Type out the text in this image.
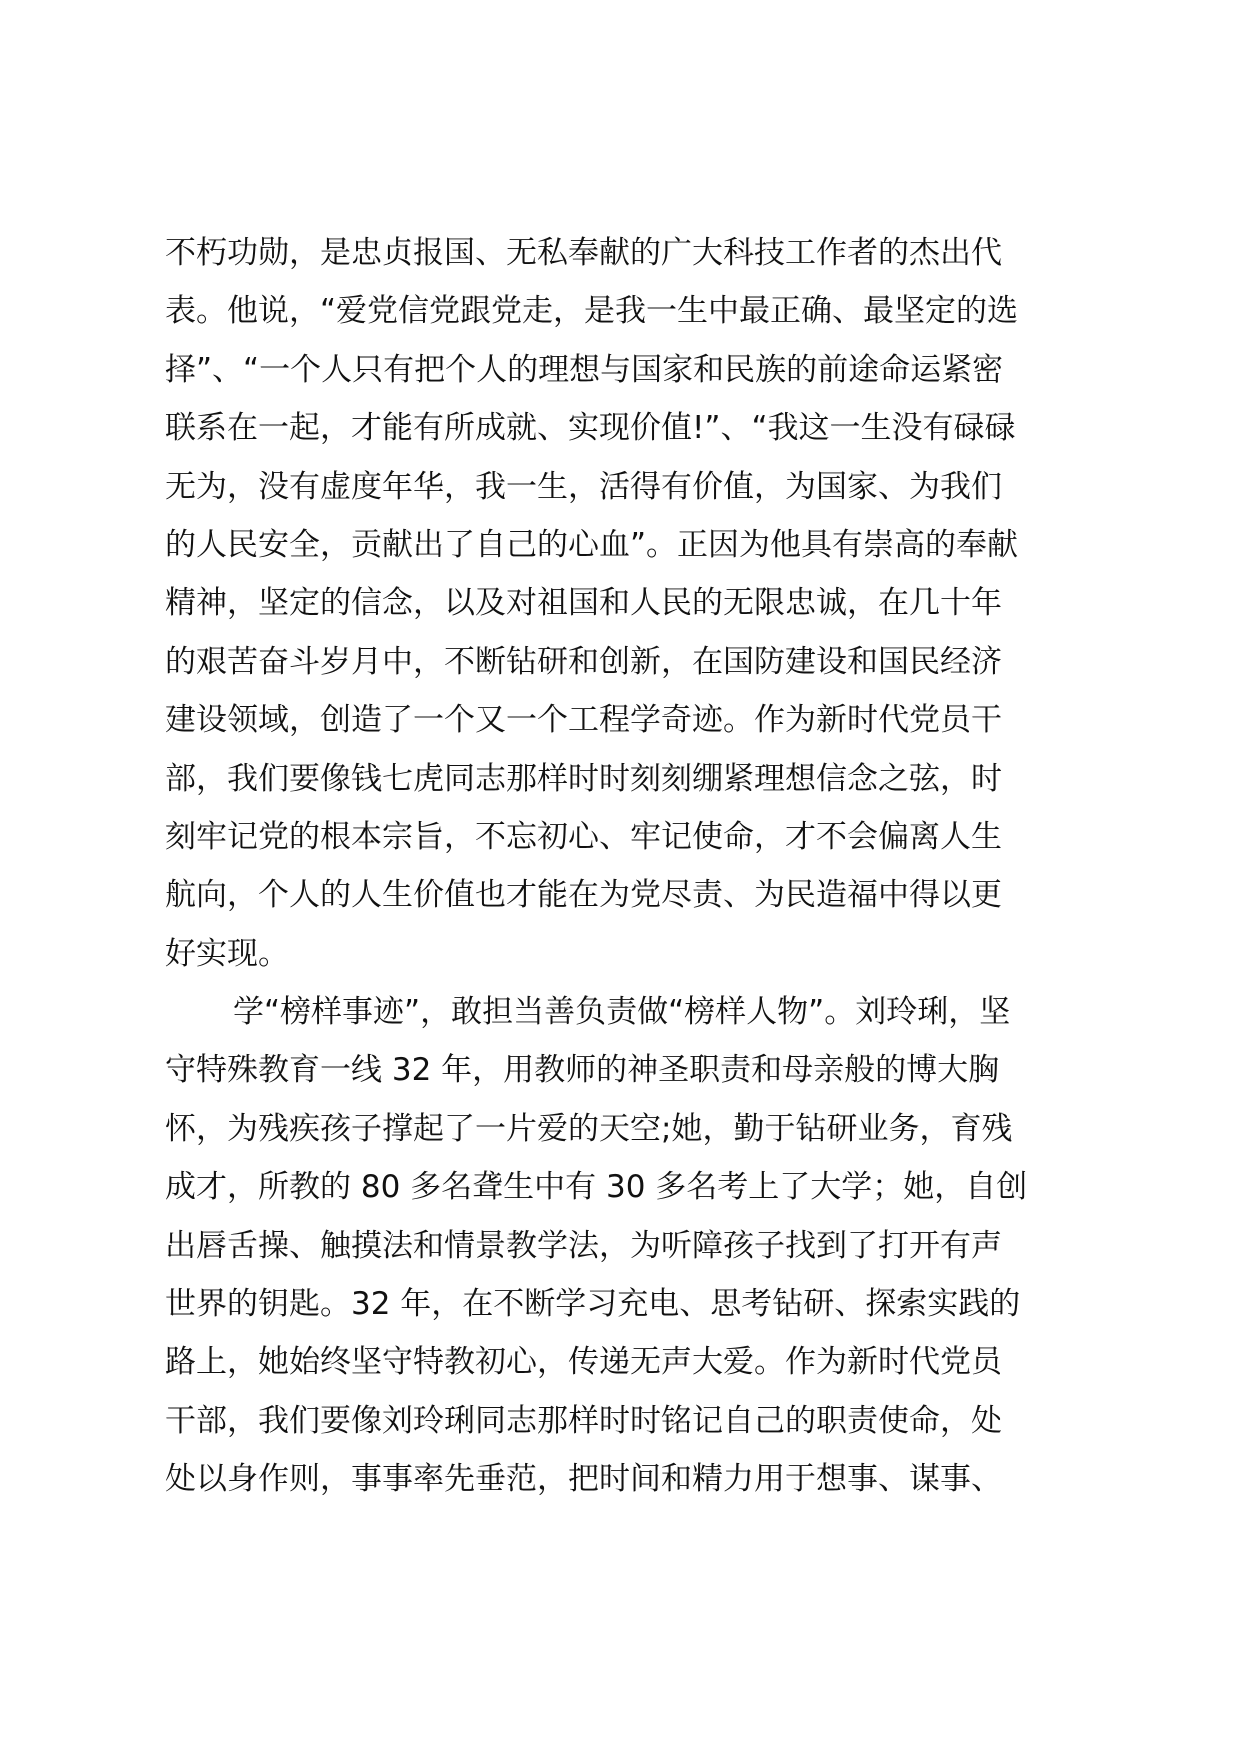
不朽功勋，是忠贞报国、无私奉献的广大科技工作者的杰出代
表。他说，“爱党信党跟党走，是我一生中最正确、最坚定的选
择”、“一个人只有把个人的理想与国家和民族的前途命运紧密
联系在一起，才能有所成就、实现价值!”、“我这一生没有碌碌
无为，没有虚度年华，我一生，活得有价值，为国家、为我们
的人民安全，贡献出了自己的心血”。正因为他具有崇高的奉献
精神，坚定的信念，以及对祖国和人民的无限忠诚，在几十年
的艰苦奋斗岁月中，不断钻研和创新，在国防建设和国民经济
建设领域，创造了一个又一个工程学奇迹。作为新时代党员干
部，我们要像钱七虎同志那样时时刻刻绷紧理想信念之弦，时
刻牢记党的根本宗旨，不忘初心、牢记使命，才不会偏离人生
航向，个人的人生价值也才能在为党尽责、为民造福中得以更
好实现。
学“榜样事迹”，敢担当善负责做“榜样人物”。刘玲琍，坚
守特殊教育一线 32 年，用教师的神圣职责和母亲般的博大胸
怀，为残疾孩子撑起了一片爱的天空;她，勤于钻研业务，育残
成才，所教的 80 多名聋生中有 30 多名考上了大学；她，自创
出唇舌操、触摸法和情景教学法，为听障孩子找到了打开有声
世界的钥匙。32 年，在不断学习充电、思考钻研、探索实践的
路上，她始终坚守特教初心，传递无声大爱。作为新时代党员
干部，我们要像刘玲琍同志那样时时铭记自己的职责使命，处
处以身作则，事事率先垂范，把时间和精力用于想事、谋事、
